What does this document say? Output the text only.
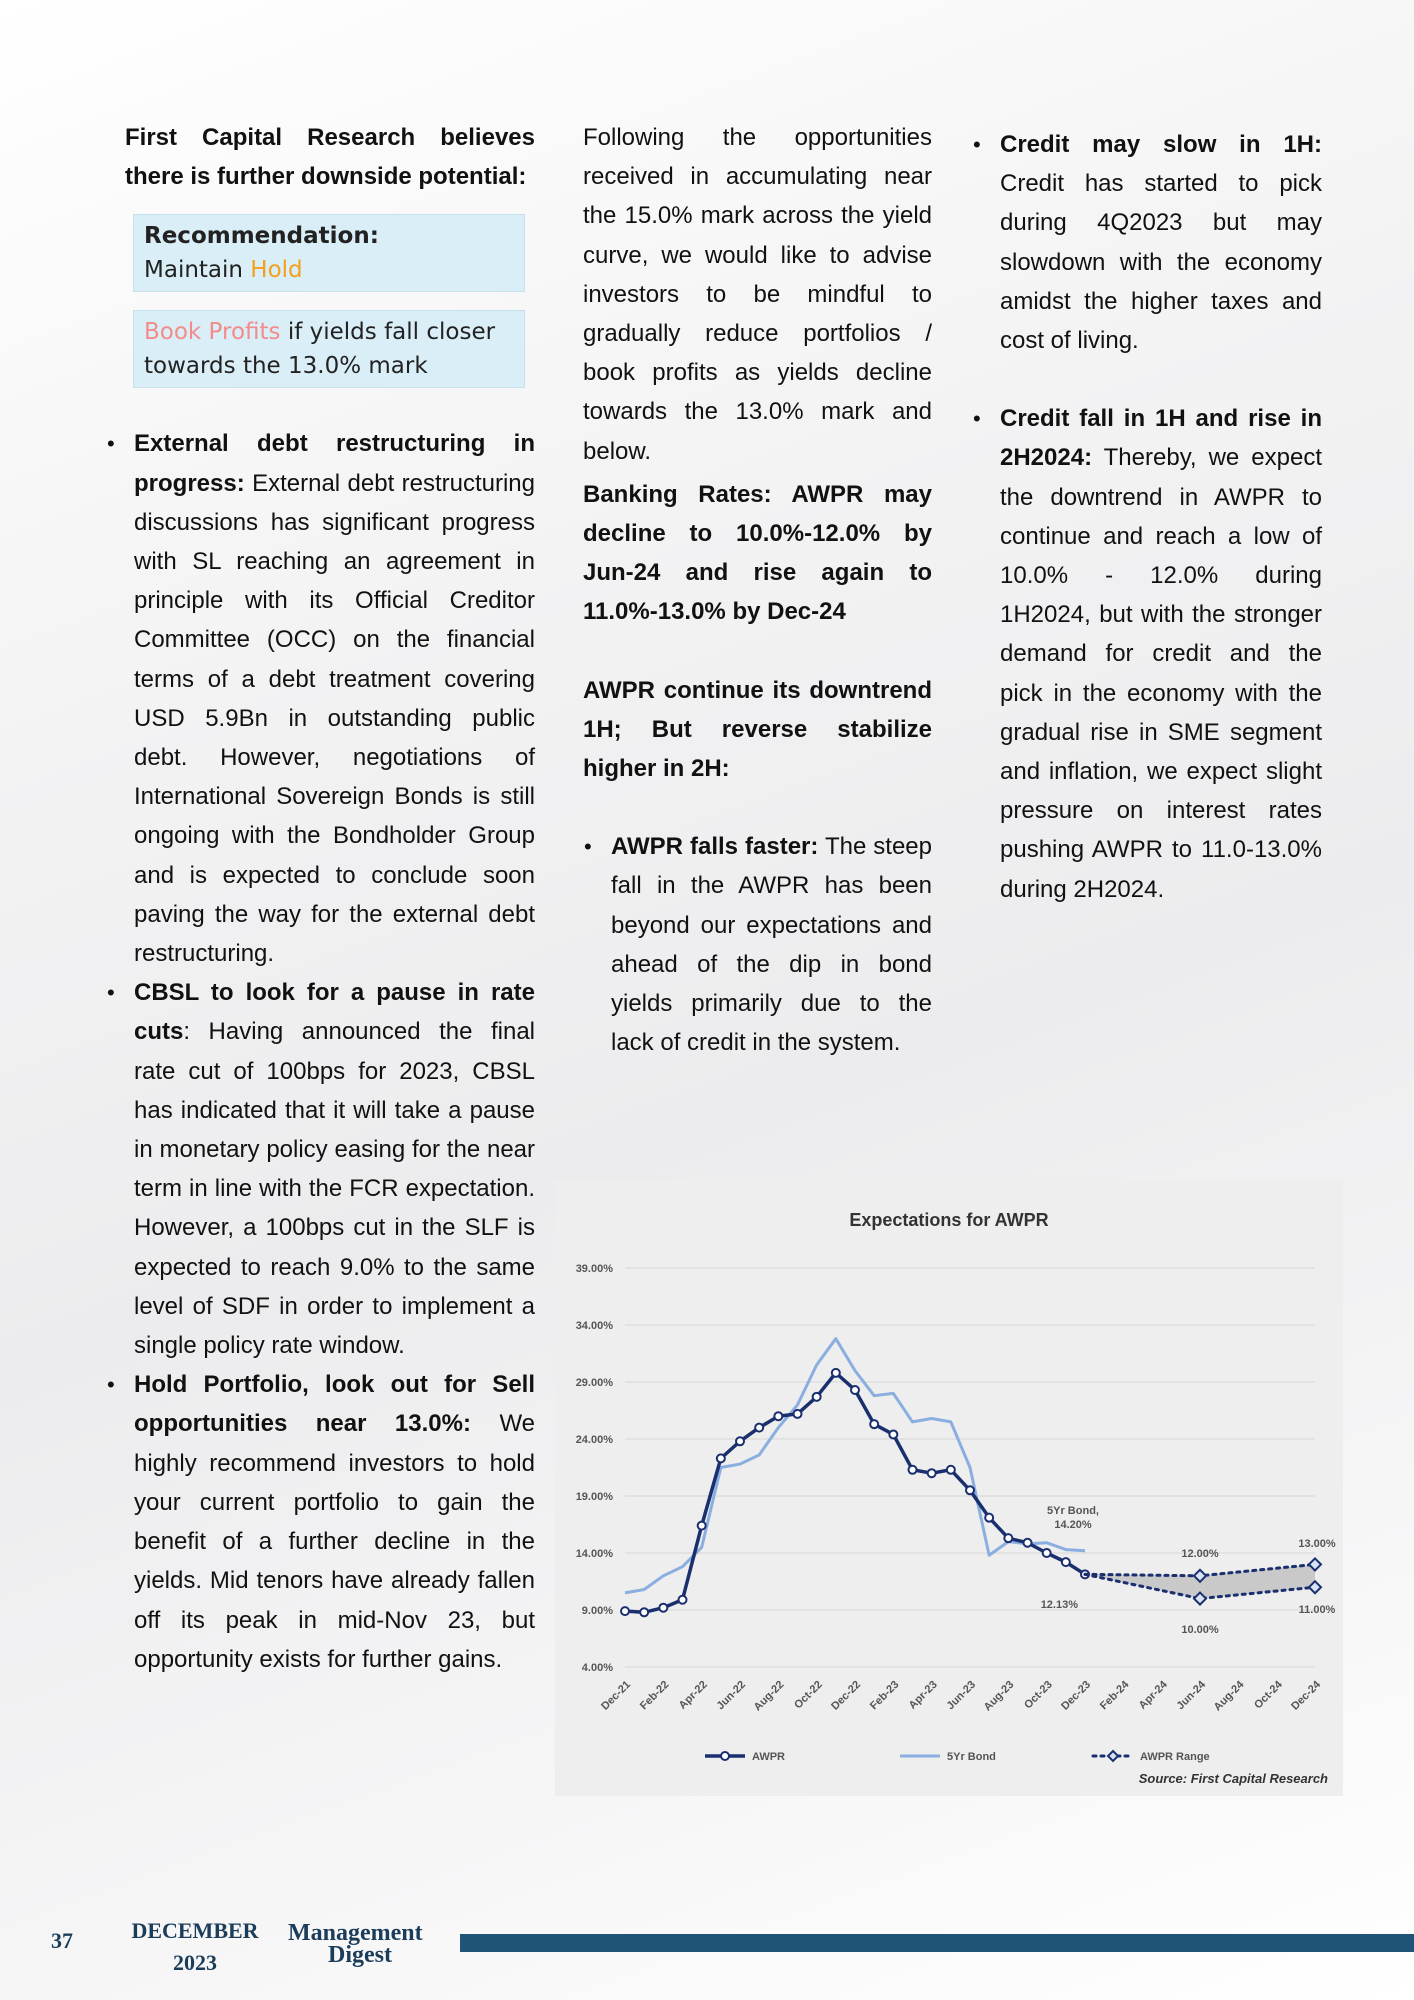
First Capital Research believes there is further downside potential:

Recommendation:
Maintain Hold
Book Profits if yields fall closer towards the 13.0% mark
• External debt restructuring in progress: External debt restructuring discussions has significant progress with SL reaching an agreement in principle with its Official Creditor Committee (OCC) on the financial terms of a debt treatment covering USD 5.9Bn in outstanding public debt. However, negotiations of International Sovereign Bonds is still ongoing with the Bondholder Group and is expected to conclude soon paving the way for the external debt restructuring.
• CBSL to look for a pause in rate cuts: Having announced the final rate cut of 100bps for 2023, CBSL has indicated that it will take a pause in monetary policy easing for the near term in line with the FCR expectation. However, a 100bps cut in the SLF is expected to reach 9.0% to the same level of SDF in order to implement a single policy rate window.
• Hold Portfolio, look out for Sell opportunities near 13.0%: We highly recommend investors to hold your current portfolio to gain the benefit of a further decline in the yields. Mid tenors have already fallen off its peak in mid-Nov 23, but opportunity exists for further gains.

Following the opportunities received in accumulating near the 15.0% mark across the yield curve, we would like to advise investors to be mindful to gradually reduce portfolios / book profits as yields decline towards the 13.0% mark and below.

Banking Rates: AWPR may decline to 10.0%-12.0% by Jun-24 and rise again to 11.0%-13.0% by Dec-24

AWPR continue its downtrend 1H; But reverse stabilize higher in 2H:

• AWPR falls faster: The steep fall in the AWPR has been beyond our expectations and ahead of the dip in bond yields primarily due to the lack of credit in the system.
• Credit may slow in 1H: Credit has started to pick during 4Q2023 but may slowdown with the economy amidst the higher taxes and cost of living.
• Credit fall in 1H and rise in 2H2024: Thereby, we expect the downtrend in AWPR to continue and reach a low of 10.0% - 12.0% during 1H2024, but with the stronger demand for credit and the pick in the economy with the gradual rise in SME segment and inflation, we expect slight pressure on interest rates pushing AWPR to 11.0-13.0% during 2H2024.
Expectations for AWPR
39.00%
34.00%
29.00%
24.00%
19.00%
14.00%
9.00%
4.00%
Dec-21 Feb-22 Apr-22 Jun-22 Aug-22 Oct-22 Dec-22 Feb-23 Apr-23 Jun-23 Aug-23 Oct-23 Dec-23 Feb-24 Apr-24 Jun-24 Aug-24 Oct-24 Dec-24
5Yr Bond,
14.20%
12.13%
12.00%
10.00%
13.00%
11.00%
AWPR	5Yr Bond	AWPR Range
Source: First Capital Research
37	DECEMBER
2023
Management
Digest
